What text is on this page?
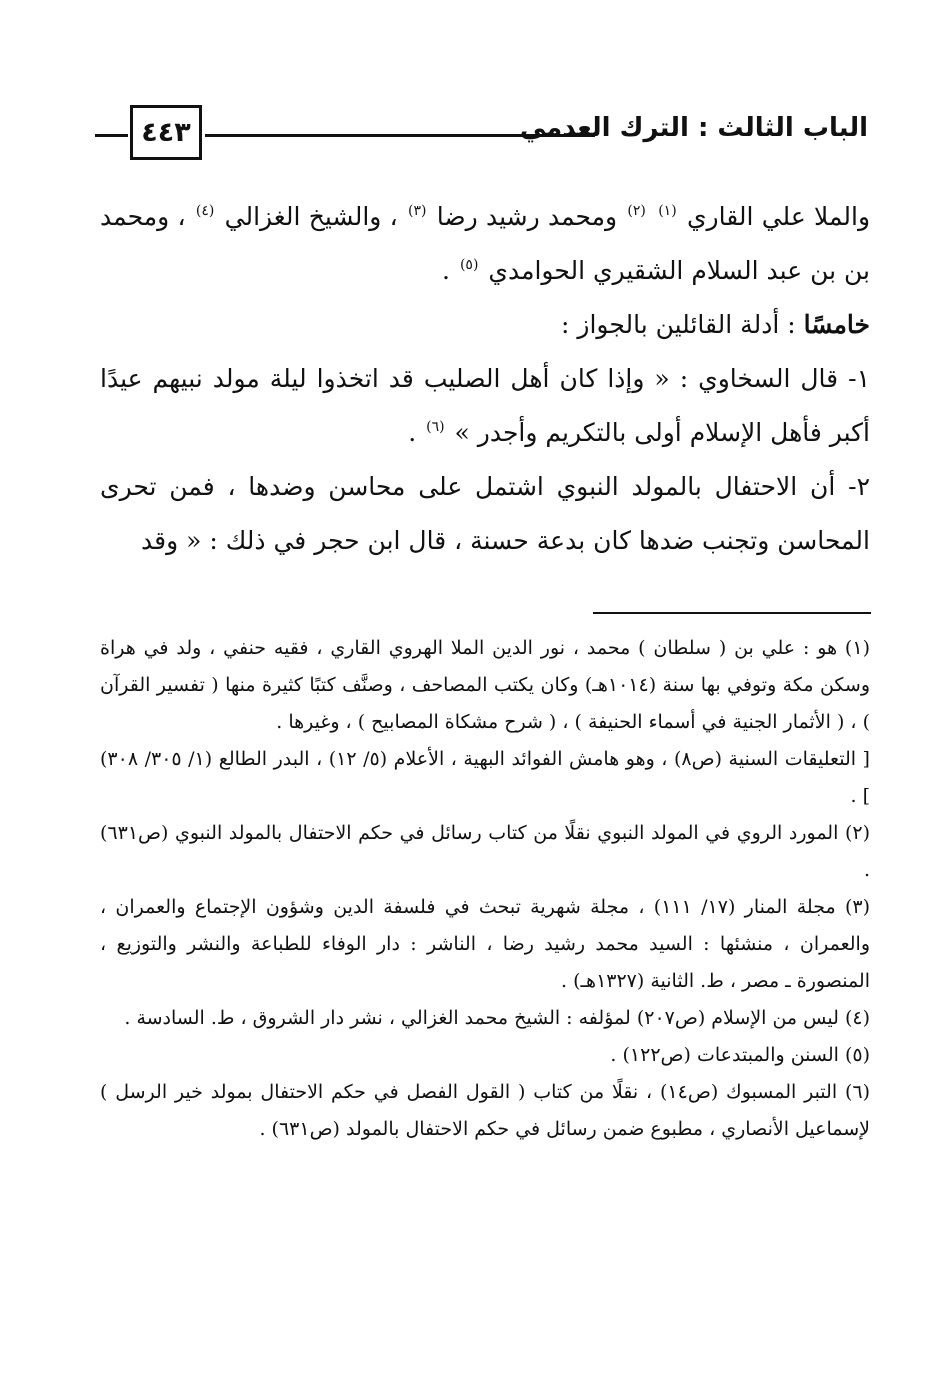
الباب الثالث : الترك العدمي
٤٤٣

والملا علي القاري $^{(١)}$ $^{(٢)}$ ومحمد رشيد رضا $^{(٣)}$ ، والشيخ الغزالي $^{(٤)}$ ، ومحمد بن بن عبد السلام الشقيري الحوامدي $^{(٥)}$ .

خامسًا : أدلة القائلين بالجواز :

١- قال السخاوي : « وإذا كان أهل الصليب قد اتخذوا ليلة مولد نبيهم عيدًا أكبر فأهل الإسلام أولى بالتكريم وأجدر » $^{(٦)}$ .

٢- أن الاحتفال بالمولد النبوي اشتمل على محاسن وضدها ، فمن تحرى المحاسن وتجنب ضدها كان بدعة حسنة ، قال ابن حجر في ذلك : « وقد

(١) هو : علي بن ( سلطان ) محمد ، نور الدين الملا الهروي القاري ، فقيه حنفي ، ولد في هراة وسكن مكة وتوفي بها سنة (١٠١٤هـ) وكان يكتب المصاحف ، وصنَّف كتبًا كثيرة منها ( تفسير القرآن ) ، ( الأثمار الجنية في أسماء الحنيفة ) ، ( شرح مشكاة المصابيح ) ، وغيرها .

[ التعليقات السنية (ص٨) ، وهو هامش الفوائد البهية ، الأعلام (٥/ ١٢) ، البدر الطالع (١/ ٣٠٥/ ٣٠٨) ] .

(٢) المورد الروي في المولد النبوي نقلًا من كتاب رسائل في حكم الاحتفال بالمولد النبوي (ص٦٣١) .

(٣) مجلة المنار (١٧/ ١١١) ، مجلة شهرية تبحث في فلسفة الدين وشؤون الإجتماع والعمران ، والعمران ، منشئها : السيد محمد رشيد رضا ، الناشر : دار الوفاء للطباعة والنشر والتوزيع ، المنصورة ـ مصر ، ط. الثانية (١٣٢٧هـ) .

(٤) ليس من الإسلام (ص٢٠٧) لمؤلفه : الشيخ محمد الغزالي ، نشر دار الشروق ، ط. السادسة .

(٥) السنن والمبتدعات (ص١٢٢) .

(٦) التبر المسبوك (ص١٤) ، نقلًا من كتاب ( القول الفصل في حكم الاحتفال بمولد خير الرسل ) لإسماعيل الأنصاري ، مطبوع ضمن رسائل في حكم الاحتفال بالمولد (ص٦٣١) .
